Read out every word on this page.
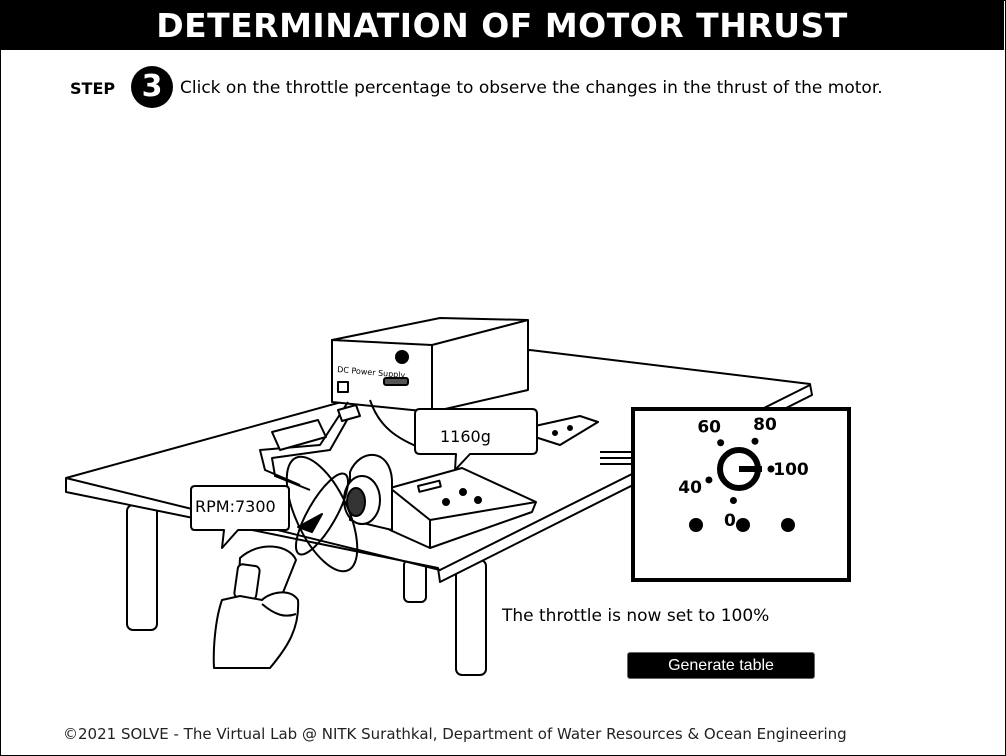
DETERMINATION OF MOTOR THRUST
STEP 3	Click on the throttle percentage to observe the changes in the thrust of the motor.
DC Power Supply
0
40
60 80
100
1160g
RPM:7300
The throttle is now set to 100%
Generate table
©2021 SOLVE - The Virtual Lab @ NITK Surathkal, Department of Water Resources & Ocean Engineering
